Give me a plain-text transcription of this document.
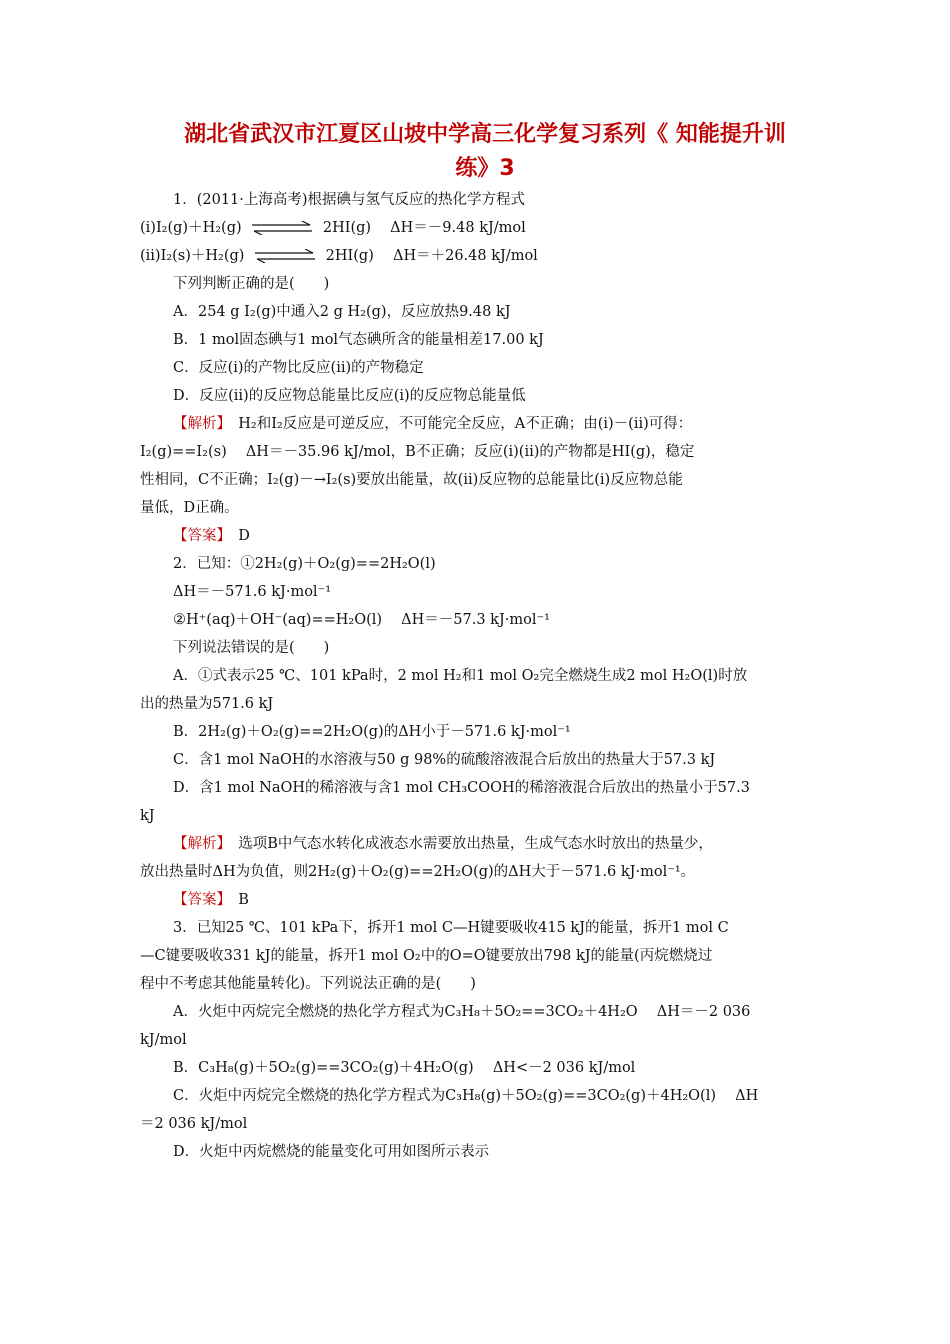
湖北省武汉市江夏区山坡中学高三化学复习系列《 知能提升训
练》3
1．(2011·上海高考)根据碘与氢气反应的热化学方程式
(ⅰ)I₂(g)＋H₂(g)	2HI(g)　 ΔH＝－9.48 kJ/mol
(ⅱ)I₂(s)＋H₂(g)	2HI(g)　 ΔH＝＋26.48 kJ/mol
下列判断正确的是(　　)
A．254 g I₂(g)中通入2 g H₂(g)，反应放热9.48 kJ
B．1 mol固态碘与1 mol气态碘所含的能量相差17.00 kJ
C．反应(ⅰ)的产物比反应(ⅱ)的产物稳定
D．反应(ⅱ)的反应物总能量比反应(ⅰ)的反应物总能量低
【解析】　H₂和I₂反应是可逆反应，不可能完全反应，A不正确；由(ⅰ)－(ⅱ)可得：
I₂(g)==I₂(s)　 ΔH＝－35.96 kJ/mol，B不正确；反应(ⅰ)(ⅱ)的产物都是HI(g)，稳定
性相同，C不正确；I₂(g)－→I₂(s)要放出能量，故(ⅱ)反应物的总能量比(ⅰ)反应物总能
量低，D正确。
【答案】　D
2．已知：①2H₂(g)＋O₂(g)==2H₂O(l)
ΔH＝－571.6 kJ·mol⁻¹
②H⁺(aq)＋OH⁻(aq)==H₂O(l)　 ΔH＝－57.3 kJ·mol⁻¹
下列说法错误的是(　　)
A．①式表示25 ℃、101 kPa时，2 mol H₂和1 mol O₂完全燃烧生成2 mol H₂O(l)时放
出的热量为571.6 kJ
B．2H₂(g)＋O₂(g)==2H₂O(g)的ΔH小于－571.6 kJ·mol⁻¹
C．含1 mol NaOH的水溶液与50 g 98%的硫酸溶液混合后放出的热量大于57.3 kJ
D．含1 mol NaOH的稀溶液与含1 mol CH₃COOH的稀溶液混合后放出的热量小于57.3
kJ
【解析】　选项B中气态水转化成液态水需要放出热量，生成气态水时放出的热量少，
放出热量时ΔH为负值，则2H₂(g)＋O₂(g)==2H₂O(g)的ΔH大于－571.6 kJ·mol⁻¹。
【答案】　B
3．已知25 ℃、101 kPa下，拆开1 mol C—H键要吸收415 kJ的能量，拆开1 mol C
—C键要吸收331 kJ的能量，拆开1 mol O₂中的O=O键要放出798 kJ的能量(丙烷燃烧过
程中不考虑其他能量转化)。下列说法正确的是(　　)
A．火炬中丙烷完全燃烧的热化学方程式为C₃H₈＋5O₂==3CO₂＋4H₂O　 ΔH＝－2 036
kJ/mol
B．C₃H₈(g)＋5O₂(g)==3CO₂(g)＋4H₂O(g)　 ΔH<－2 036 kJ/mol
C．火炬中丙烷完全燃烧的热化学方程式为C₃H₈(g)＋5O₂(g)==3CO₂(g)＋4H₂O(l)　 ΔH
＝2 036 kJ/mol
D．火炬中丙烷燃烧的能量变化可用如图所示表示
